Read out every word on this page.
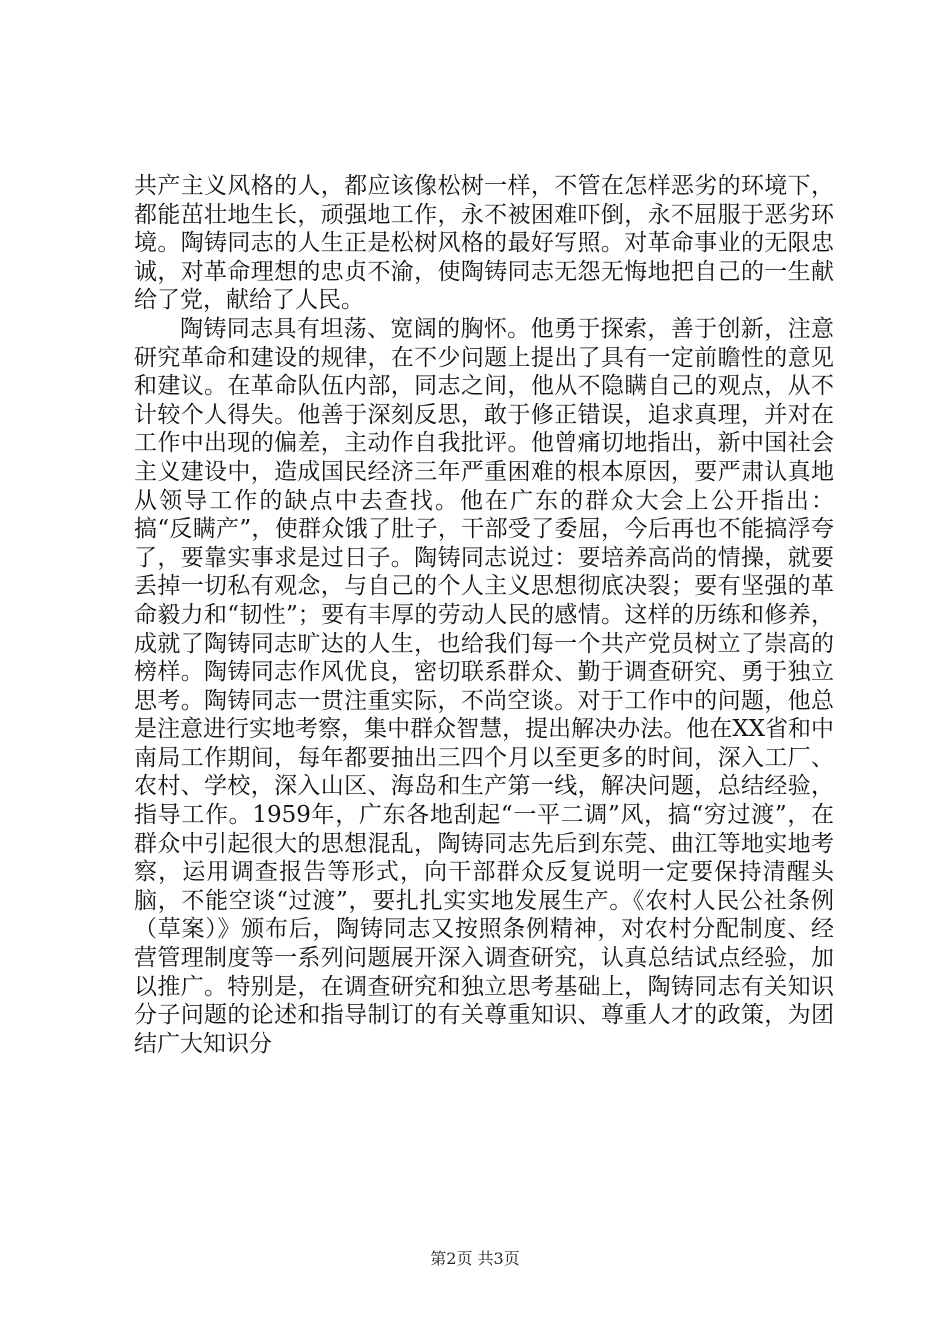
共产主义风格的人，都应该像松树一样，不管在怎样恶劣的环境下，都能茁壮地生长，顽强地工作，永不被困难吓倒，永不屈服于恶劣环境。陶铸同志的人生正是松树风格的最好写照。对革命事业的无限忠诚，对革命理想的忠贞不渝，使陶铸同志无怨无悔地把自己的一生献给了党，献给了人民。

陶铸同志具有坦荡、宽阔的胸怀。他勇于探索，善于创新，注意研究革命和建设的规律，在不少问题上提出了具有一定前瞻性的意见和建议。在革命队伍内部，同志之间，他从不隐瞒自己的观点，从不计较个人得失。他善于深刻反思，敢于修正错误，追求真理，并对在工作中出现的偏差，主动作自我批评。他曾痛切地指出，新中国社会主义建设中，造成国民经济三年严重困难的根本原因，要严肃认真地从领导工作的缺点中去查找。他在广东的群众大会上公开指出：搞“反瞒产”，使群众饿了肚子，干部受了委屈，今后再也不能搞浮夸了，要靠实事求是过日子。陶铸同志说过：要培养高尚的情操，就要丢掉一切私有观念，与自己的个人主义思想彻底决裂；要有坚强的革命毅力和“韧性”；要有丰厚的劳动人民的感情。这样的历练和修养，成就了陶铸同志旷达的人生，也给我们每一个共产党员树立了崇高的榜样。陶铸同志作风优良，密切联系群众、勤于调查研究、勇于独立思考。陶铸同志一贯注重实际，不尚空谈。对于工作中的问题，他总是注意进行实地考察，集中群众智慧，提出解决办法。他在XX省和中南局工作期间，每年都要抽出三四个月以至更多的时间，深入工厂、农村、学校，深入山区、海岛和生产第一线，解决问题，总结经验，指导工作。1959年，广东各地刮起“一平二调”风，搞“穷过渡”，在群众中引起很大的思想混乱，陶铸同志先后到东莞、曲江等地实地考察，运用调查报告等形式，向干部群众反复说明一定要保持清醒头脑，不能空谈“过渡”，要扎扎实实地发展生产。《农村人民公社条例（草案）》颁布后，陶铸同志又按照条例精神，对农村分配制度、经营管理制度等一系列问题展开深入调查研究，认真总结试点经验，加以推广。特别是，在调查研究和独立思考基础上，陶铸同志有关知识分子问题的论述和指导制订的有关尊重知识、尊重人才的政策，为团结广大知识分

第2页 共3页
